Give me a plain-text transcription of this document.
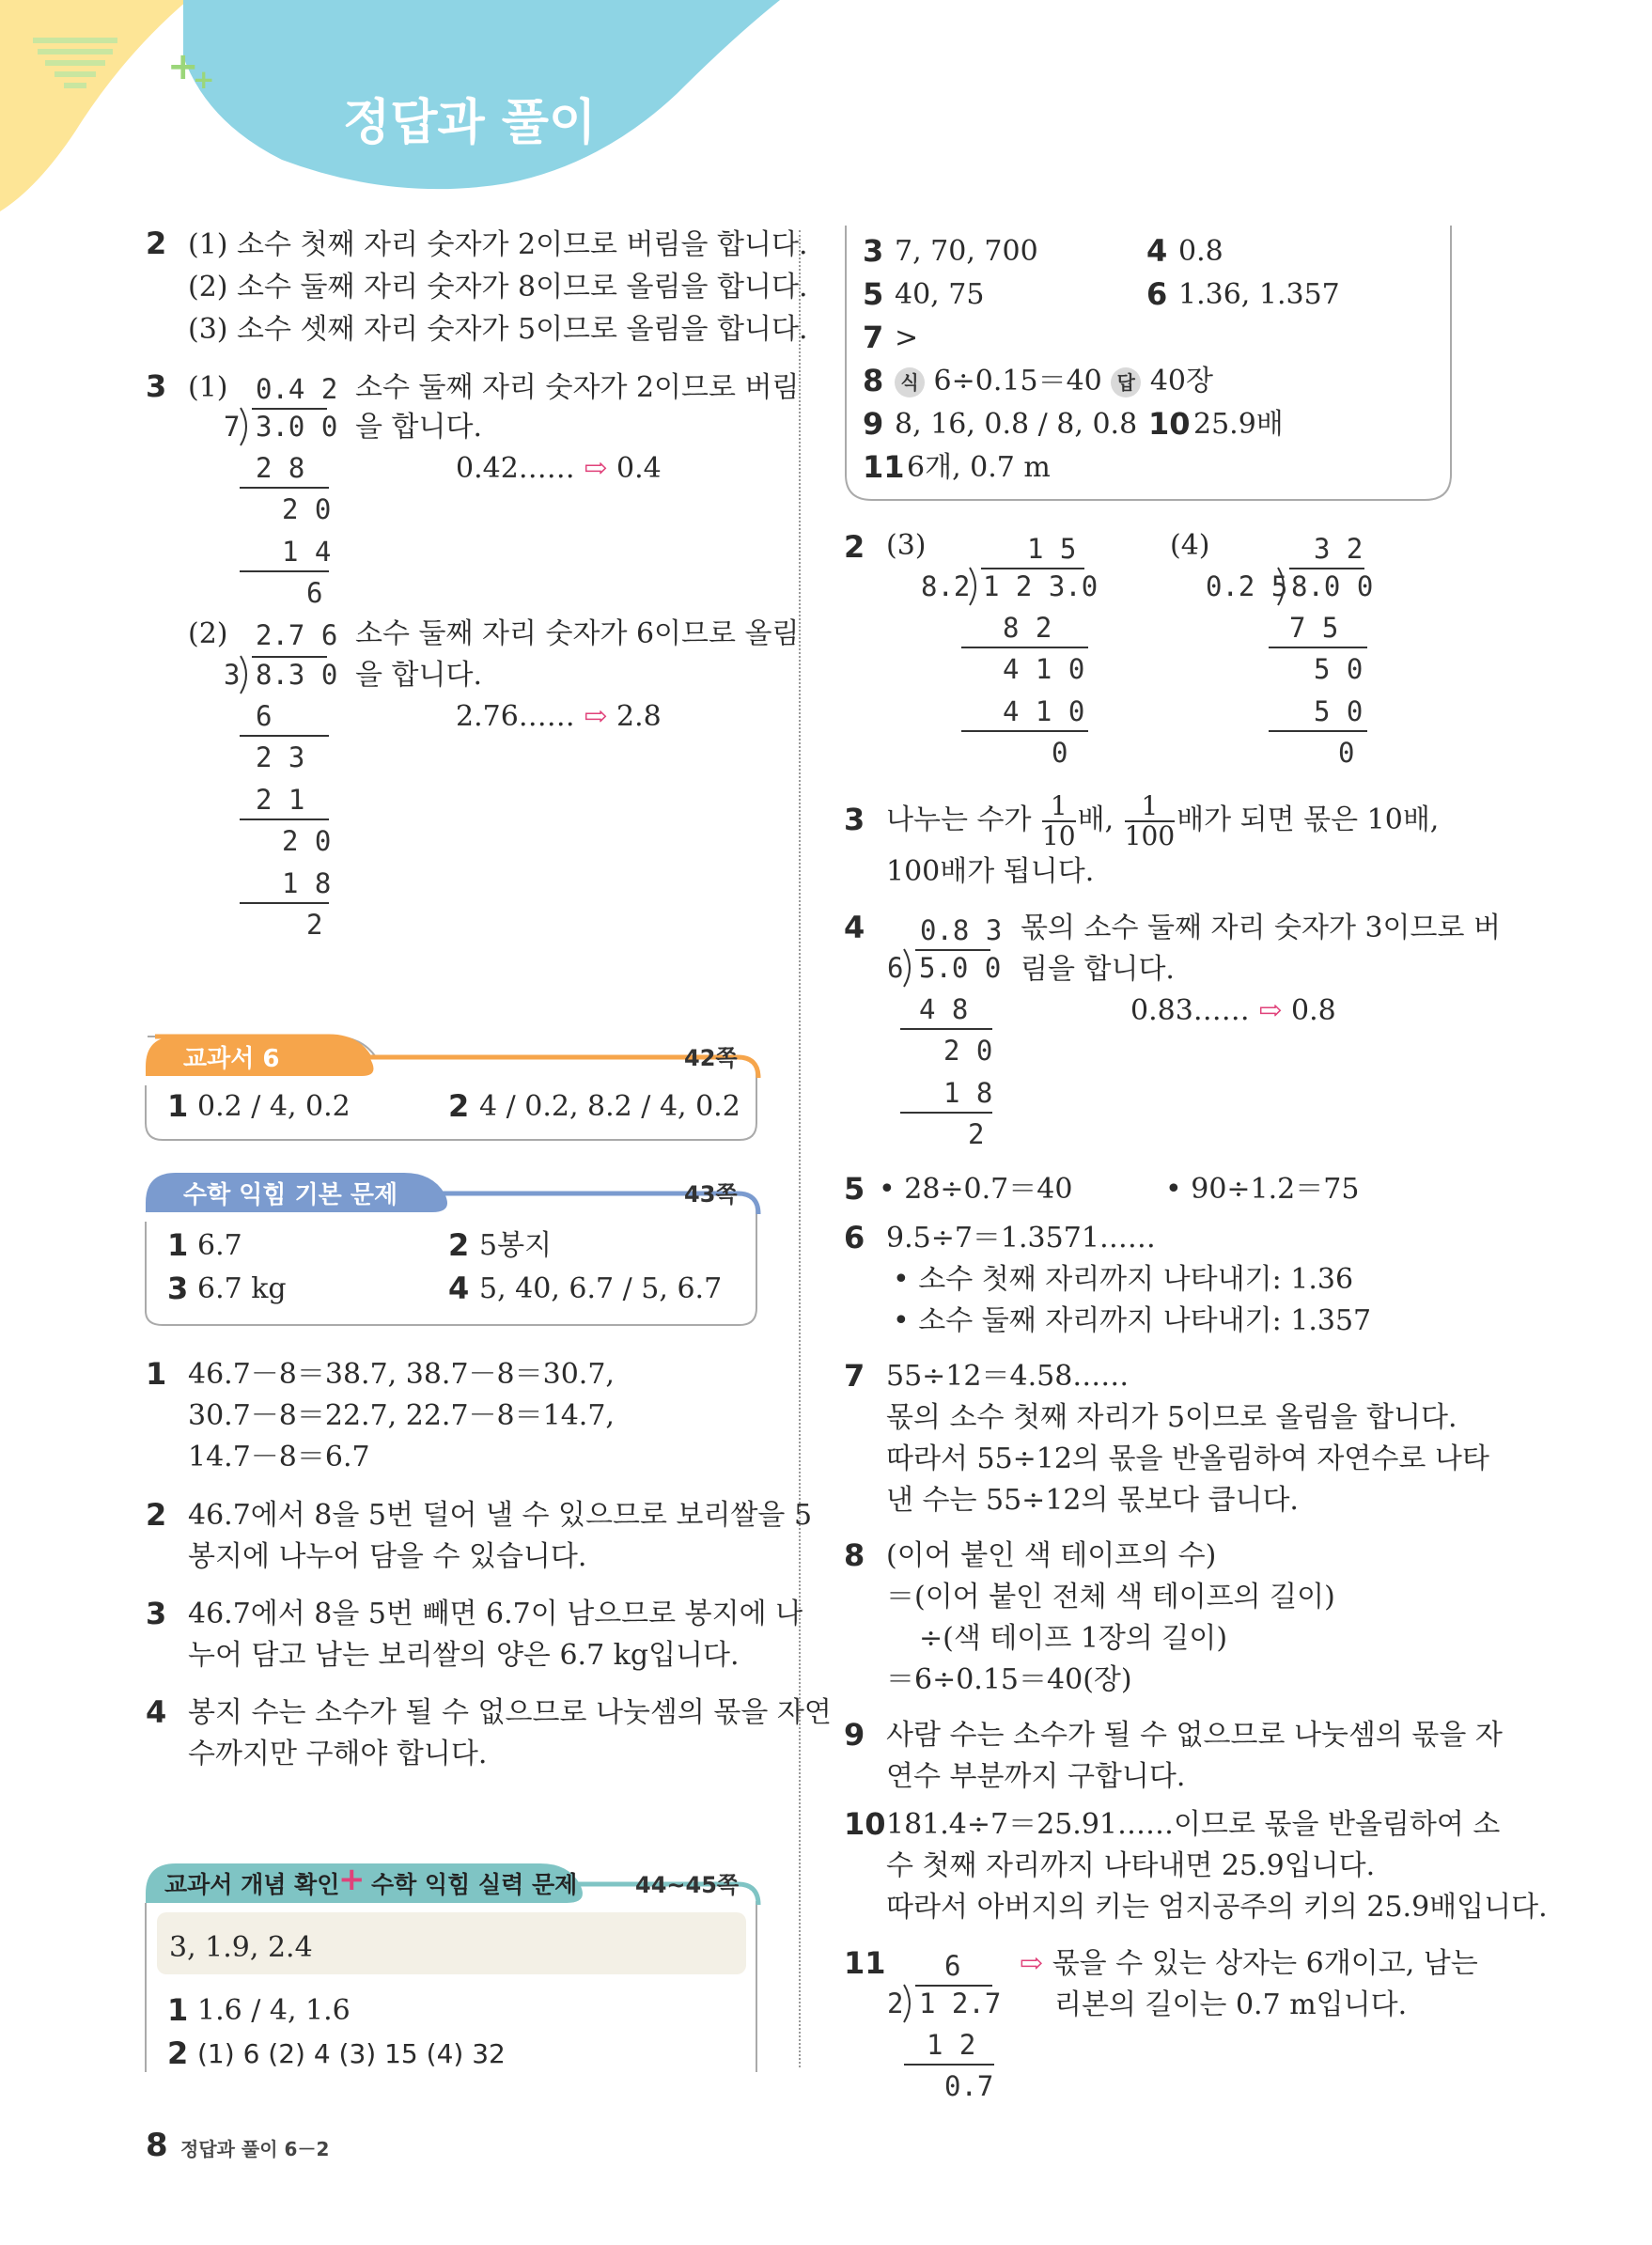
+
+
정답과 풀이
2 (1) 소수 첫째 자리 숫자가 2이므로 버림을 합니다.
(2) 소수 둘째 자리 숫자가 8이므로 올림을 합니다.
(3) 소수 셋째 자리 숫자가 5이므로 올림을 합니다.
3 (1) 0.4 2
7 3.0 0
2 8
2 0
1 4
6
소수 둘째 자리 숫자가 2이므로 버림
을 합니다.
0.42…… ⇨ 0.4
(2) 2.7 6
3 8.3 0
6
2 3
2 1
2 0
1 8
2
소수 둘째 자리 숫자가 6이므로 올림
을 합니다.
2.76…… ⇨ 2.8
교과서 6	42쪽
1 0.2 / 4, 0.2	2 4 / 0.2, 8.2 / 4, 0.2
수학 익힘 기본 문제	43쪽
1 6.7	2 5봉지
3 6.7 kg	4 5, 40, 6.7 / 5, 6.7
1 46.7－8＝38.7, 38.7－8＝30.7,
30.7－8＝22.7, 22.7－8＝14.7,
14.7－8＝6.7
2 46.7에서 8을 5번 덜어 낼 수 있으므로 보리쌀을 5
봉지에 나누어 담을 수 있습니다.
3 46.7에서 8을 5번 빼면 6.7이 남으므로 봉지에 나
누어 담고 남는 보리쌀의 양은 6.7 kg입니다.
4 봉지 수는 소수가 될 수 없으므로 나눗셈의 몫을 자연
수까지만 구해야 합니다.
교과서 개념 확인
+ 수학 익힘 실력 문제	44~45쪽
3, 1.9, 2.4
1 1.6 / 4, 1.6
2 (1) 6 (2) 4 (3) 15 (4) 32
3 7, 70, 700	4 0.8
5 40, 75	6 1.36, 1.357
7 >
8 식 6÷0.15＝40 답 40장
9 8, 16, 0.8 / 8, 0.8 10 25.9배
11 6개, 0.7 m
2 (3)	1 5
8.2 1 2 3.0
8 2
4 1 0
4 1 0
0
(4)	3 2
0.2 5 8.0 0
7 5
5 0
5 0
0
3 나누는 수가 $\frac{1}{10}$ 배, $\frac{1}{100}$ 배가 되면 몫은 10배,
100배가 됩니다.
4 0.8 3
6 5.0 0
4 8
2 0
1 8
2
몫의 소수 둘째 자리 숫자가 3이므로 버
림을 합니다.
0.83…… ⇨ 0.8
5 • 28÷0.7＝40	• 90÷1.2＝75
6 9.5÷7＝1.3571……
• 소수 첫째 자리까지 나타내기: 1.36
• 소수 둘째 자리까지 나타내기: 1.357
7 55÷12＝4.58……
몫의 소수 첫째 자리가 5이므로 올림을 합니다.
따라서 55÷12의 몫을 반올림하여 자연수로 나타
낸 수는 55÷12의 몫보다 큽니다.
8 (이어 붙인 색 테이프의 수)
＝(이어 붙인 전체 색 테이프의 길이)
÷(색 테이프 1장의 길이)
＝6÷0.15＝40(장)
9 사람 수는 소수가 될 수 없으므로 나눗셈의 몫을 자
연수 부분까지 구합니다.
10 181.4÷7＝25.91……이므로 몫을 반올림하여 소
수 첫째 자리까지 나타내면 25.9입니다.
따라서 아버지의 키는 엄지공주의 키의 25.9배입니다.
11 6
2 1 2.7
1 2
0.7
⇨ 몫을 수 있는 상자는 6개이고, 남는
리본의 길이는 0.7 m입니다.
8 정답과 풀이 6－2
